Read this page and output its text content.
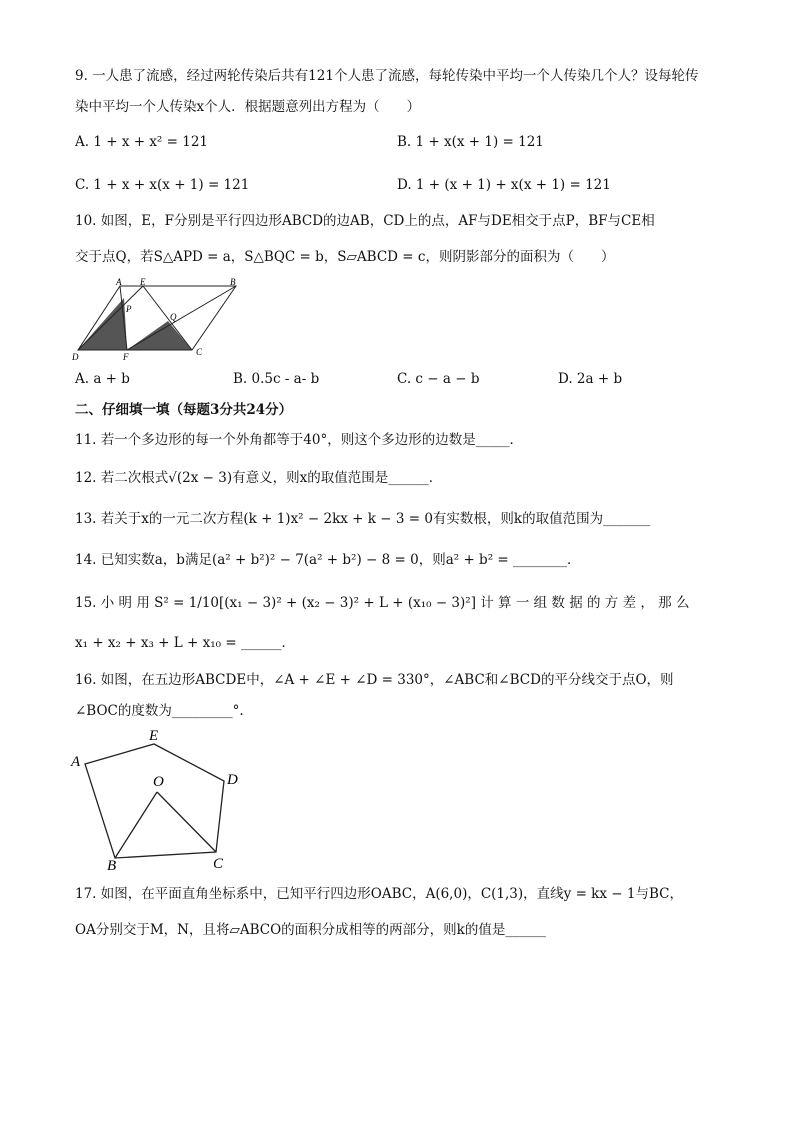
9. 一人患了流感，经过两轮传染后共有121个人患了流感，每轮传染中平均一个人传染几个人？设每轮传
染中平均一个人传染x个人．根据题意列出方程为（　　）
A. 1 + x + x² = 121	B. 1 + x(x + 1) = 121
C. 1 + x + x(x + 1) = 121	D. 1 + (x + 1) + x(x + 1) = 121
10. 如图，E，F分别是平行四边形ABCD的边AB，CD上的点，AF与DE相交于点P，BF与CE相
交于点Q，若S△APD = a，S△BQC = b，S▱ABCD = c，则阴影部分的面积为（　　）
A E	B
P
Q
D	F	C
A. a + b	B. 0.5c - a- b	C. c − a − b	D. 2a + b
二、仔细填一填（每题3分共24分）
11. 若一个多边形的每一个外角都等于40°，则这个多边形的边数是_____．
12. 若二次根式√(2x − 3)有意义，则x的取值范围是______．
13. 若关于x的一元二次方程(k + 1)x² − 2kx + k − 3 = 0有实数根，则k的取值范围为_______
14. 已知实数a，b满足(a² + b²)² − 7(a² + b²) − 8 = 0，则a² + b² = ________．
15. 小 明 用 S² = 1/10[(x₁ − 3)² + (x₂ − 3)² + L + (x₁₀ − 3)²] 计 算 一 组 数 据 的 方 差 ， 那 么
x₁ + x₂ + x₃ + L + x₁₀ = ______．
16. 如图，在五边形ABCDE中，∠A + ∠E + ∠D = 330°，∠ABC和∠BCD的平分线交于点O，则
∠BOC的度数为_________°.
A
E
D
O
B	C
17. 如图，在平面直角坐标系中，已知平行四边形OABC，A(6,0)，C(1,3)，直线y = kx − 1与BC，
OA分别交于M，N，且将▱ABCO的面积分成相等的两部分，则k的值是______
